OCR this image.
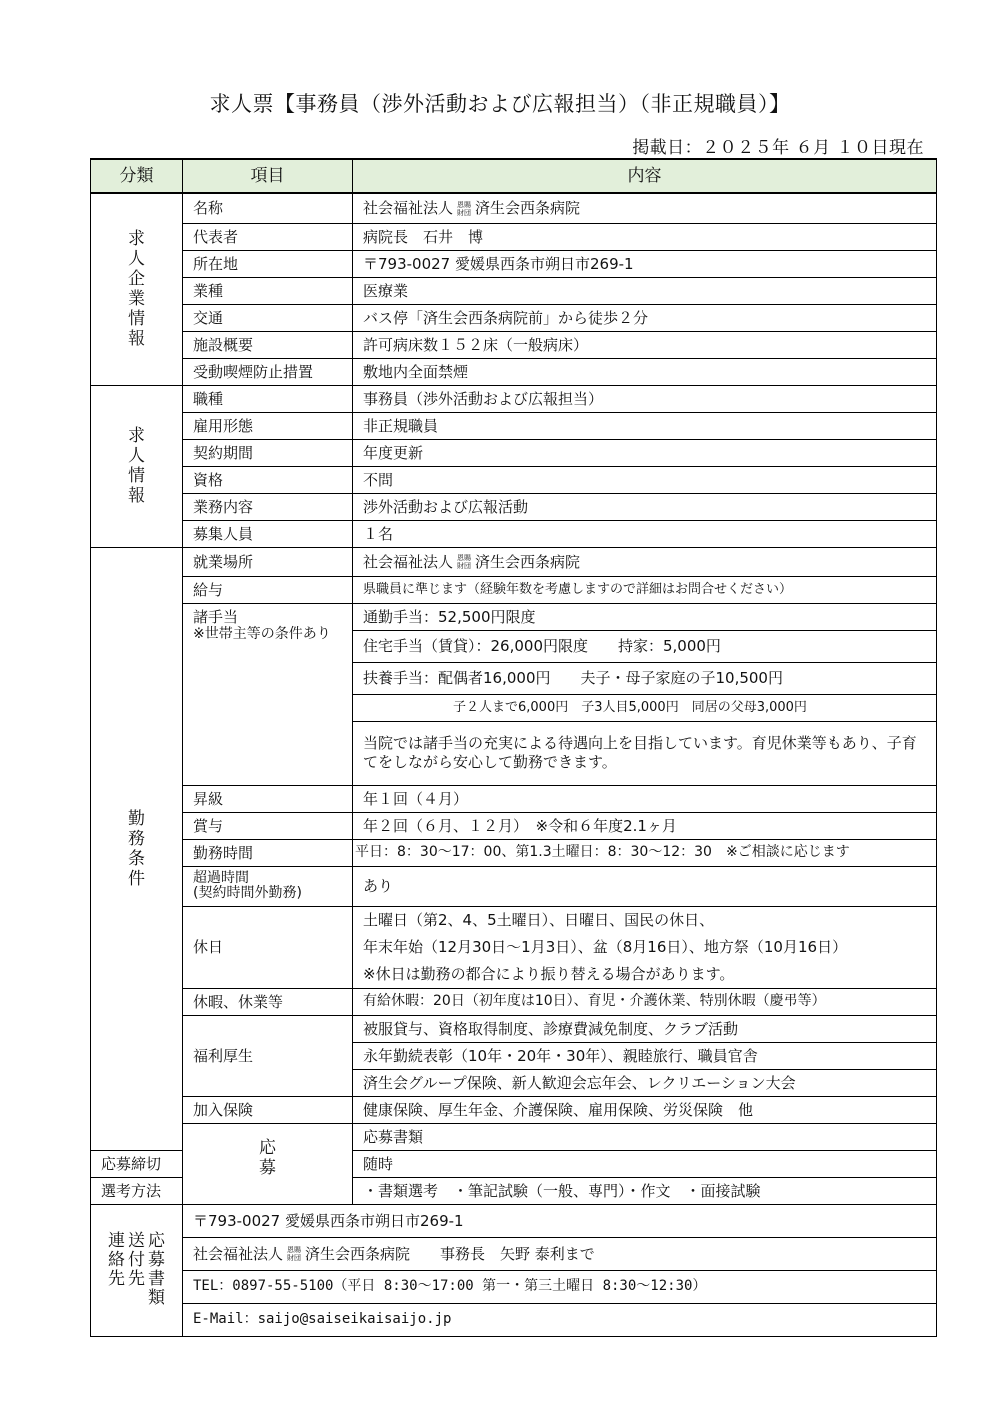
求人票【事務員（渉外活動および広報担当）（非正規職員）】
掲載日：２０２５年 ６月 １０日現在
分類	項目	内容	
求人企業情報	名称	社会福祉法人 恩賜
財団 済生会西条病院	
	代表者	病院長　石井　博	
	所在地	〒793-0027 愛媛県西条市朔日市269-1	
	業種	医療業	
	交通	バス停「済生会西条病院前」から徒歩２分	
	施設概要	許可病床数１５２床（一般病床）	
	受動喫煙防止措置	敷地内全面禁煙	
求人情報	職種	事務員（渉外活動および広報担当）	
	雇用形態	非正規職員	
	契約期間	年度更新	
	資格	不問	
	業務内容	渉外活動および広報活動	
	募集人員	１名	
勤務条件	就業場所	社会福祉法人 恩賜
財団 済生会西条病院	
	給与	県職員に準じます（経験年数を考慮しますので詳細はお問合せください）	

	諸手当
※世帯主等の条件あり	通勤手当：52,500円限度	
		住宅手当（賃貸）：26,000円限度　　持家：5,000円	
		扶養手当：配偶者16,000円　　夫子・母子家庭の子10,500円	
		子２人まで6,000円　子3人目5,000円　同居の父母3,000円	
		当院では諸手当の充実による待遇向上を目指しています。育児休業等もあり、子育てをしながら安心して勤務できます。	
	昇級	年１回（４月）	
	賞与	年２回（６月、１２月）　※令和６年度2.1ヶ月	
	勤務時間	平日：8：30～17：00、第1.3土曜日：8：30～12：30　※ご相談に応じます	

	超過時間
(契約時間外勤務)	あり	
	休日	土曜日（第2、4、5土曜日）、日曜日、国民の休日、
年末年始（12月30日～1月3日）、盆（8月16日）、地方祭（10月16日）
※休日は勤務の都合により振り替える場合があります。	

	休暇、休業等	有給休暇：20日（初年度は10日）、育児・介護休業、特別休暇（慶弔等）	
	福利厚生	被服貸与、資格取得制度、診療費減免制度、クラブ活動	
		永年勤続表彰（10年・20年・30年）、親睦旅行、職員官舎	
		済生会グループ保険、新人歓迎会忘年会、レクリエーション大会	
	加入保険	健康保険、厚生年金、介護保険、雇用保険、労災保険　他	
	応募	応募書類	
応募締切		随時	
選考方法		・書類選考　・筆記試験（一般、専門）・作文　・面接試験	

応募書類
送付先
連絡先	〒793-0027 愛媛県西条市朔日市269-1		
	社会福祉法人 恩賜
財団 済生会西条病院　　事務長　矢野 泰利まで		
	TEL：0897-55-5100（平日 8:30～17:00 第一・第三土曜日 8:30～12:30）		
	E-Mail：saijo@saiseikaisaijo.jp		
